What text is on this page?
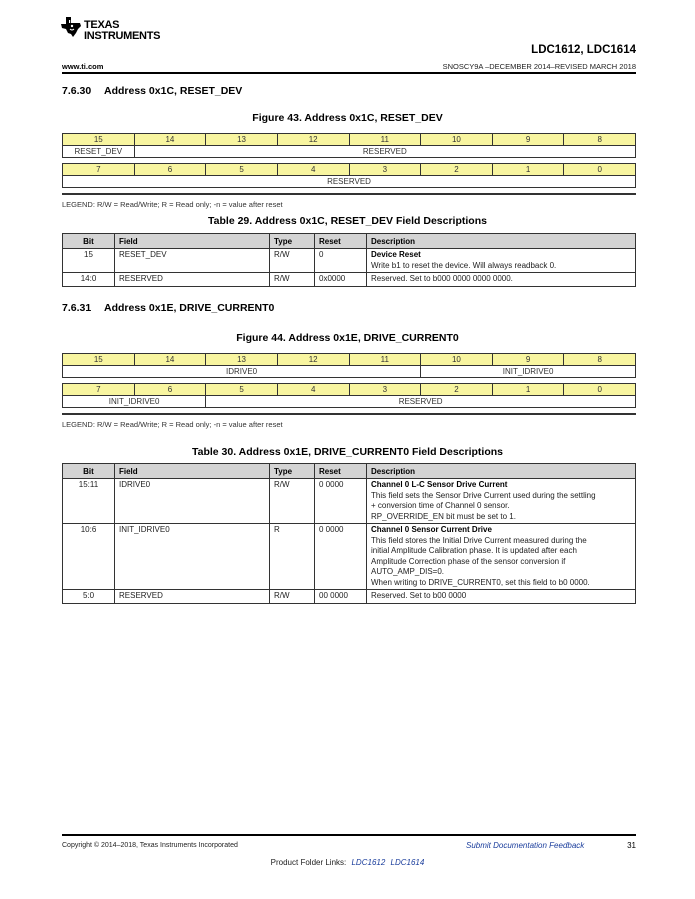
TEXAS
INSTRUMENTS
LDC1612, LDC1614
www.ti.com	SNOSCY9A –DECEMBER 2014–REVISED MARCH 2018
7.6.30 Address 0x1C, RESET_DEV
Figure 43. Address 0x1C, RESET_DEV
15	14	13	12	11	10	9	8
RESET_DEV	RESERVED						

7	6	5	4	3	2	1	0
RESERVED							
LEGEND: R/W = Read/Write; R = Read only; -n = value after reset
Table 29. Address 0x1C, RESET_DEV Field Descriptions
Bit	Field	Type	Reset	Description
15	RESET_DEV	R/W	0	Device Reset
Write b1 to reset the device. Will always readback 0.

14:0	RESERVED	R/W	0x0000	Reserved. Set to b000 0000 0000 0000.
7.6.31 Address 0x1E, DRIVE_CURRENT0
Figure 44. Address 0x1E, DRIVE_CURRENT0
15	14	13	12	11	10	9	8
IDRIVE0					INIT_IDRIVE0		

7	6	5	4	3	2	1	0
INIT_IDRIVE0		RESERVED					
LEGEND: R/W = Read/Write; R = Read only; -n = value after reset
Table 30. Address 0x1E, DRIVE_CURRENT0 Field Descriptions
Bit	Field	Type	Reset	Description
15:11	IDRIVE0	R/W	0 0000	Channel 0 L-C Sensor Drive Current
This field sets the Sensor Drive Current used during the settling
+ conversion time of Channel 0 sensor.
RP_OVERRIDE_EN bit must be set to 1.

10:6	INIT_IDRIVE0	R	0 0000	Channel 0 Sensor Current Drive
This field stores the Initial Drive Current measured during the
initial Amplitude Calibration phase. It is updated after each
Amplitude Correction phase of the sensor conversion if
AUTO_AMP_DIS=0.
When writing to DRIVE_CURRENT0, set this field to b0 0000.

5:0	RESERVED	R/W	00 0000	Reserved. Set to b00 0000
Copyright © 2014–2018, Texas Instruments Incorporated	Submit Documentation Feedback	31
Product Folder Links: LDC1612 LDC1614
